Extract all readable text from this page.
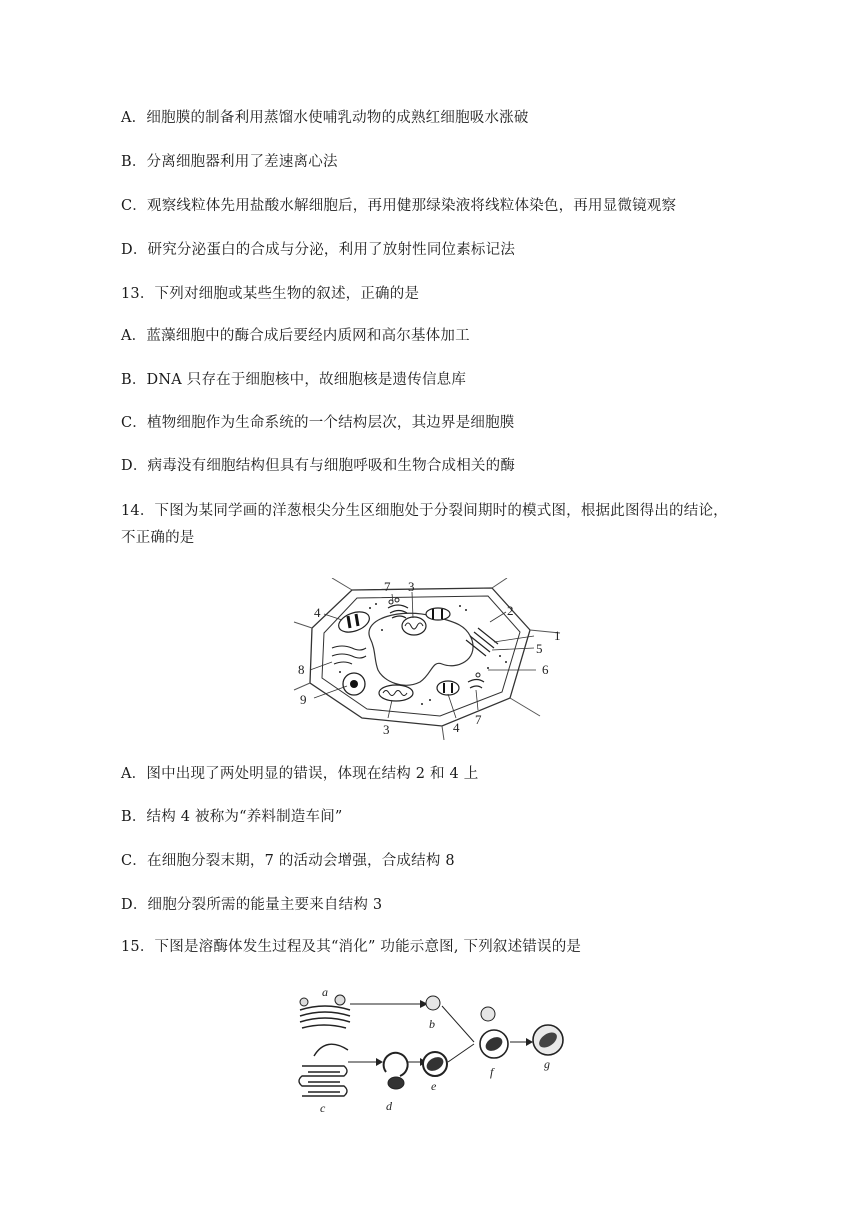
A．细胞膜的制备利用蒸馏水使哺乳动物的成熟红细胞吸水涨破
B．分离细胞器利用了差速离心法
C．观察线粒体先用盐酸水解细胞后，再用健那绿染液将线粒体染色，再用显微镜观察
D．研究分泌蛋白的合成与分泌，利用了放射性同位素标记法
13．下列对细胞或某些生物的叙述，正确的是
A．蓝藻细胞中的酶合成后要经内质网和高尔基体加工
B．DNA 只存在于细胞核中，故细胞核是遗传信息库
C．植物细胞作为生命系统的一个结构层次，其边界是细胞膜
D．病毒没有细胞结构但具有与细胞呼吸和生物合成相关的酶
14．下图为某同学画的洋葱根尖分生区细胞处于分裂间期时的模式图，根据此图得出的结论，
不正确的是
7 3
2
4
1
5
8	6
9
3	4
7
A．图中出现了两处明显的错误，体现在结构 2 和 4 上
B．结构 4 被称为“养料制造车间”
C．在细胞分裂末期，7 的活动会增强，合成结构 8
D．细胞分裂所需的能量主要来自结构 3
15．下图是溶酶体发生过程及其“消化” 功能示意图, 下列叙述错误的是
a
b
c	d
e
f
g
